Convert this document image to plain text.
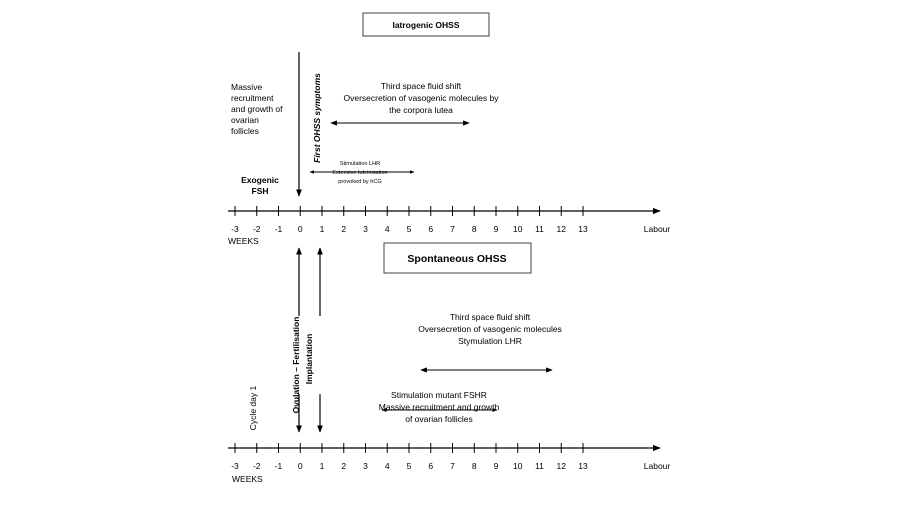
Iatrogenic OHSS
Massive
recruitment
and growth of
ovarian
follicles
Exogenic
FSH
First OHSS symptoms	Third space fluid shift
Oversecretion of vasogenic molecules by
the corpora lutea
Stimulation LHR
Extensive luteinisation
provoked by hCG
-3 -2 -1 0 1 2 3 4 5 6 7 8 9 10 11 12 13	Labour
WEEKS
Spontaneous OHSS
Ovulation – Fertilisation Implantation
Cycle day 1
Third space fluid shift
Oversecretion of vasogenic molecules
Stymulation LHR
Stimulation mutant FSHR
Massive recruitment and growth
of ovarian follicles
-3 -2 -1 0 1 2 3 4 5 6 7 8 9 10 11 12 13	Labour
WEEKS
